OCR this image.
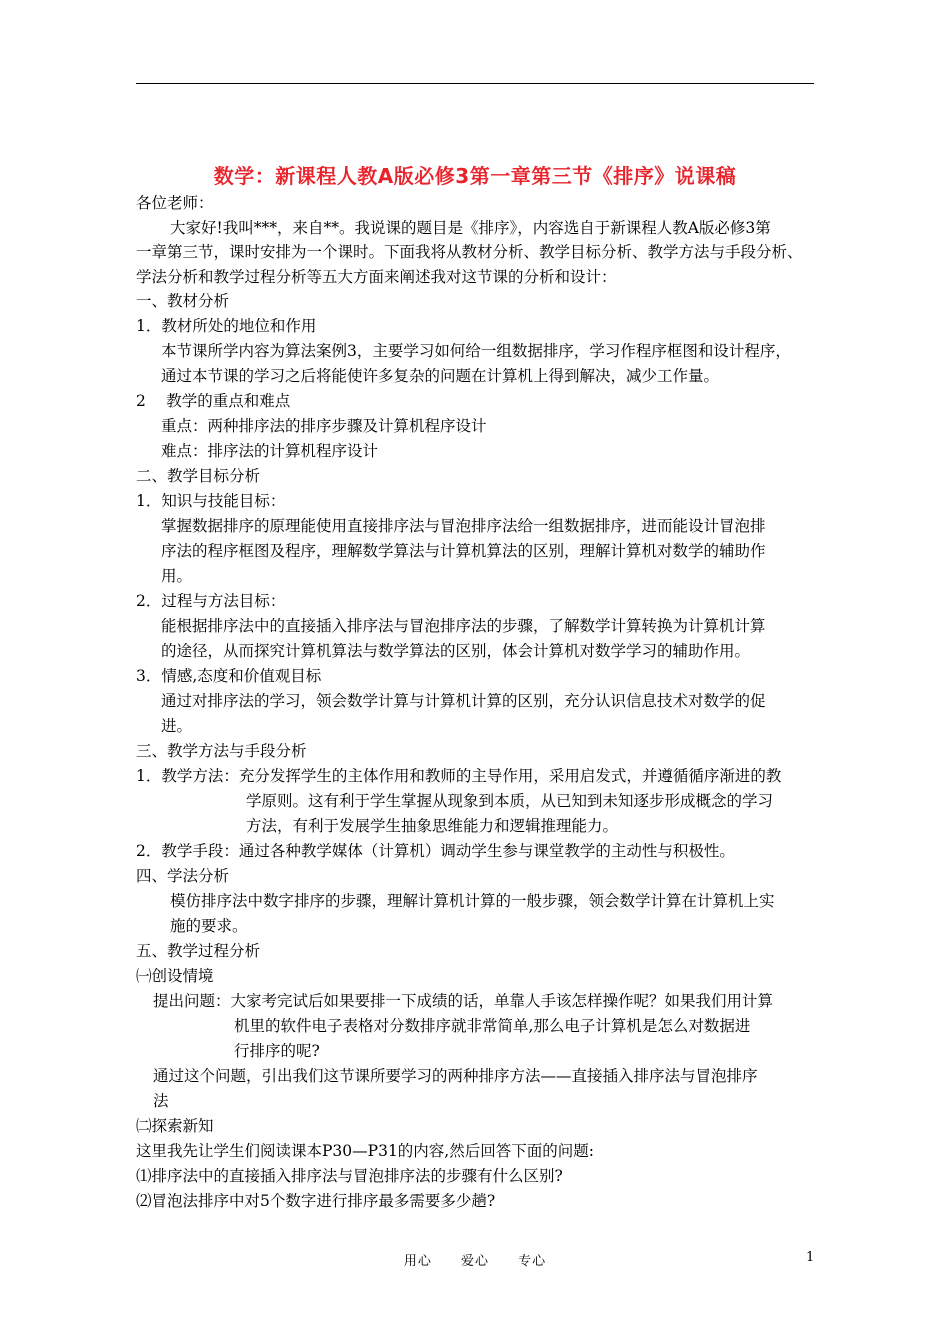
数学：新课程人教A版必修3第一章第三节《排序》说课稿
各位老师：
大家好!我叫***，来自**。我说课的题目是《排序》，内容选自于新课程人教A版必修3第
一章第三节，课时安排为一个课时。下面我将从教材分析、教学目标分析、教学方法与手段分析、
学法分析和教学过程分析等五大方面来阐述我对这节课的分析和设计：
一、教材分析
1．教材所处的地位和作用
本节课所学内容为算法案例3，主要学习如何给一组数据排序，学习作程序框图和设计程序，
通过本节课的学习之后将能使许多复杂的问题在计算机上得到解决，减少工作量。
2　 教学的重点和难点
重点：两种排序法的排序步骤及计算机程序设计
难点：排序法的计算机程序设计
二、教学目标分析
1．知识与技能目标：
掌握数据排序的原理能使用直接排序法与冒泡排序法给一组数据排序，进而能设计冒泡排
序法的程序框图及程序，理解数学算法与计算机算法的区别，理解计算机对数学的辅助作
用。
2．过程与方法目标：
能根据排序法中的直接插入排序法与冒泡排序法的步骤，了解数学计算转换为计算机计算
的途径，从而探究计算机算法与数学算法的区别，体会计算机对数学学习的辅助作用。
3．情感,态度和价值观目标
通过对排序法的学习，领会数学计算与计算机计算的区别，充分认识信息技术对数学的促
进。
三、教学方法与手段分析
1．教学方法：充分发挥学生的主体作用和教师的主导作用，采用启发式，并遵循循序渐进的教
学原则。这有利于学生掌握从现象到本质，从已知到未知逐步形成概念的学习
方法，有利于发展学生抽象思维能力和逻辑推理能力。
2．教学手段：通过各种教学媒体（计算机）调动学生参与课堂教学的主动性与积极性。
四、学法分析
模仿排序法中数字排序的步骤，理解计算机计算的一般步骤，领会数学计算在计算机上实
施的要求。
五、教学过程分析
㈠创设情境
提出问题：大家考完试后如果要排一下成绩的话，单靠人手该怎样操作呢？如果我们用计算
机里的软件电子表格对分数排序就非常简单,那么电子计算机是怎么对数据进
行排序的呢?
通过这个问题，引出我们这节课所要学习的两种排序方法——直接插入排序法与冒泡排序
法
㈡探索新知
这里我先让学生们阅读课本P30—P31的内容,然后回答下面的问题:
⑴排序法中的直接插入排序法与冒泡排序法的步骤有什么区别?
⑵冒泡法排序中对5个数字进行排序最多需要多少趟?
用心 爱心 专心	1
